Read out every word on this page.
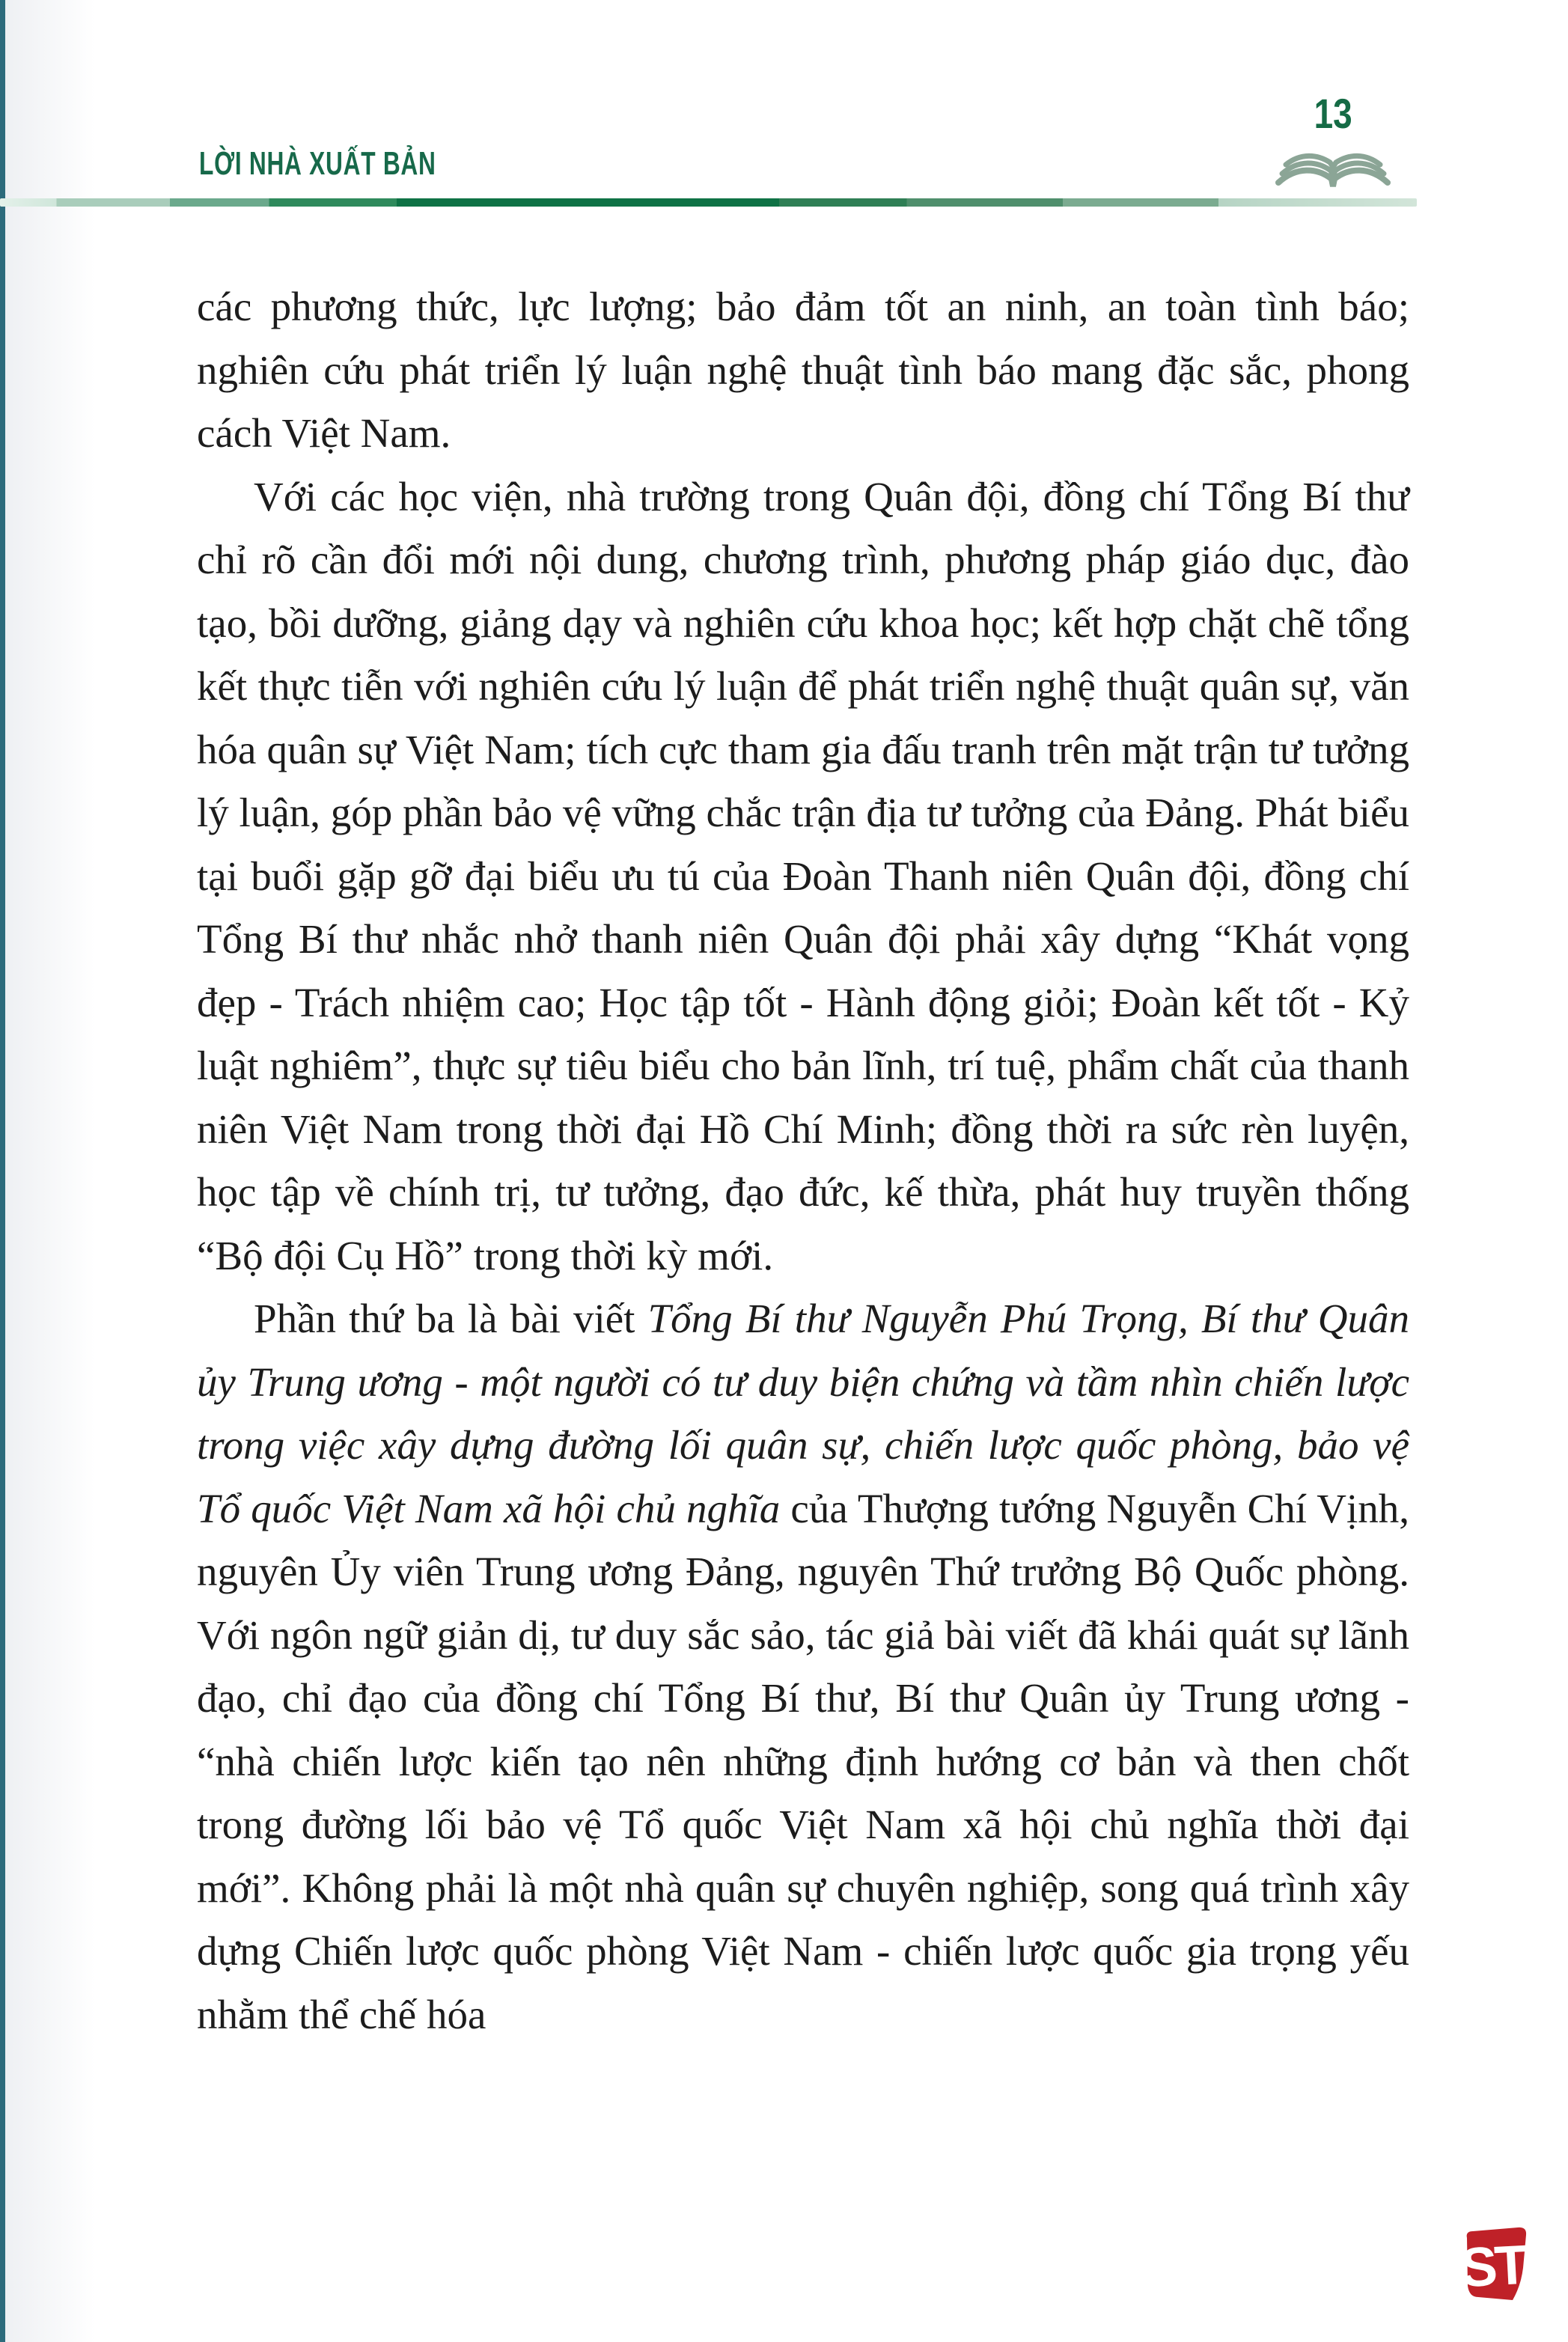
LỜI NHÀ XUẤT BẢN
13

các phương thức, lực lượng; bảo đảm tốt an ninh, an toàn tình báo; nghiên cứu phát triển lý luận nghệ thuật tình báo mang đặc sắc, phong cách Việt Nam.

Với các học viện, nhà trường trong Quân đội, đồng chí Tổng Bí thư chỉ rõ cần đổi mới nội dung, chương trình, phương pháp giáo dục, đào tạo, bồi dưỡng, giảng dạy và nghiên cứu khoa học; kết hợp chặt chẽ tổng kết thực tiễn với nghiên cứu lý luận để phát triển nghệ thuật quân sự, văn hóa quân sự Việt Nam; tích cực tham gia đấu tranh trên mặt trận tư tưởng lý luận, góp phần bảo vệ vững chắc trận địa tư tưởng của Đảng. Phát biểu tại buổi gặp gỡ đại biểu ưu tú của Đoàn Thanh niên Quân đội, đồng chí Tổng Bí thư nhắc nhở thanh niên Quân đội phải xây dựng “Khát vọng đẹp - Trách nhiệm cao; Học tập tốt - Hành động giỏi; Đoàn kết tốt - Kỷ luật nghiêm”, thực sự tiêu biểu cho bản lĩnh, trí tuệ, phẩm chất của thanh niên Việt Nam trong thời đại Hồ Chí Minh; đồng thời ra sức rèn luyện, học tập về chính trị, tư tưởng, đạo đức, kế thừa, phát huy truyền thống “Bộ đội Cụ Hồ” trong thời kỳ mới.

Phần thứ ba là bài viết Tổng Bí thư Nguyễn Phú Trọng, Bí thư Quân ủy Trung ương - một người có tư duy biện chứng và tầm nhìn chiến lược trong việc xây dựng đường lối quân sự, chiến lược quốc phòng, bảo vệ Tổ quốc Việt Nam xã hội chủ nghĩa của Thượng tướng Nguyễn Chí Vịnh, nguyên Ủy viên Trung ương Đảng, nguyên Thứ trưởng Bộ Quốc phòng. Với ngôn ngữ giản dị, tư duy sắc sảo, tác giả bài viết đã khái quát sự lãnh đạo, chỉ đạo của đồng chí Tổng Bí thư, Bí thư Quân ủy Trung ương - “nhà chiến lược kiến tạo nên những định hướng cơ bản và then chốt trong đường lối bảo vệ Tổ quốc Việt Nam xã hội chủ nghĩa thời đại mới”. Không phải là một nhà quân sự chuyên nghiệp, song quá trình xây dựng Chiến lược quốc phòng Việt Nam - chiến lược quốc gia trọng yếu nhằm thể chế hóa

ST
